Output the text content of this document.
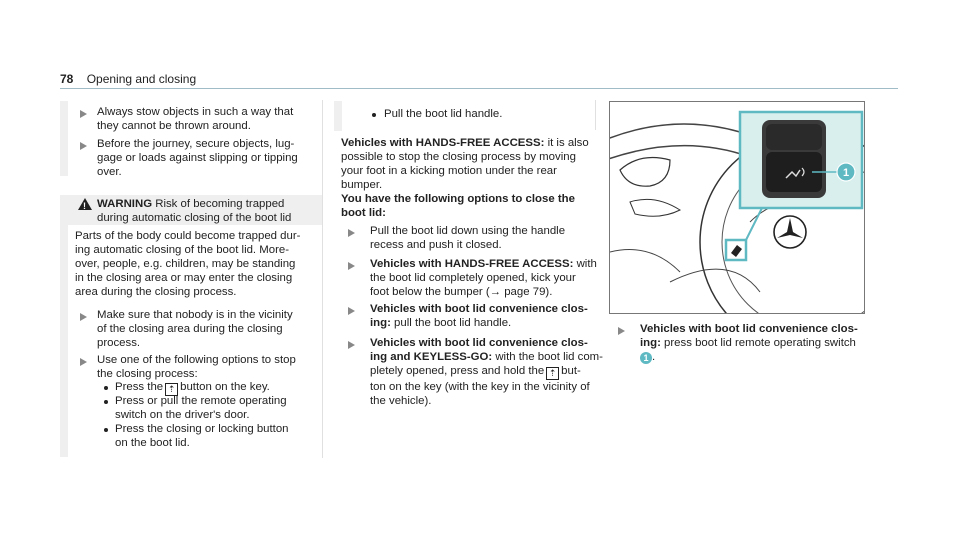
78 Opening and closing
Always stow objects in such a way that
they cannot be thrown around.
Before the journey, secure objects, lug-
gage or loads against slipping or tipping
over.
! WARNING Risk of becoming trapped
during automatic closing of the boot lid
Parts of the body could become trapped dur-
ing automatic closing of the boot lid. More-
over, people, e.g. children, may be standing
in the closing area or may enter the closing
area during the closing process.
Make sure that nobody is in the vicinity
of the closing area during the closing
process.
Use one of the following options to stop
the closing process:
Press the ⇡ button on the key.
Press or pull the remote operating
switch on the driver's door.
Press the closing or locking button
on the boot lid.
Pull the boot lid handle.
Vehicles with HANDS-FREE ACCESS: it is also
possible to stop the closing process by moving
your foot in a kicking motion under the rear
bumper.
You have the following options to close the
boot lid:
Pull the boot lid down using the handle
recess and push it closed.
Vehicles with HANDS-FREE ACCESS: with
the boot lid completely opened, kick your
foot below the bumper (→ page 79).
Vehicles with boot lid convenience clos-
ing: pull the boot lid handle.
Vehicles with boot lid convenience clos-
ing and KEYLESS-GO: with the boot lid com-
pletely opened, press and hold the ⇡ but-
ton on the key (with the key in the vicinity of
the vehicle).
1
Vehicles with boot lid convenience clos-
ing: press boot lid remote operating switch
1 .
